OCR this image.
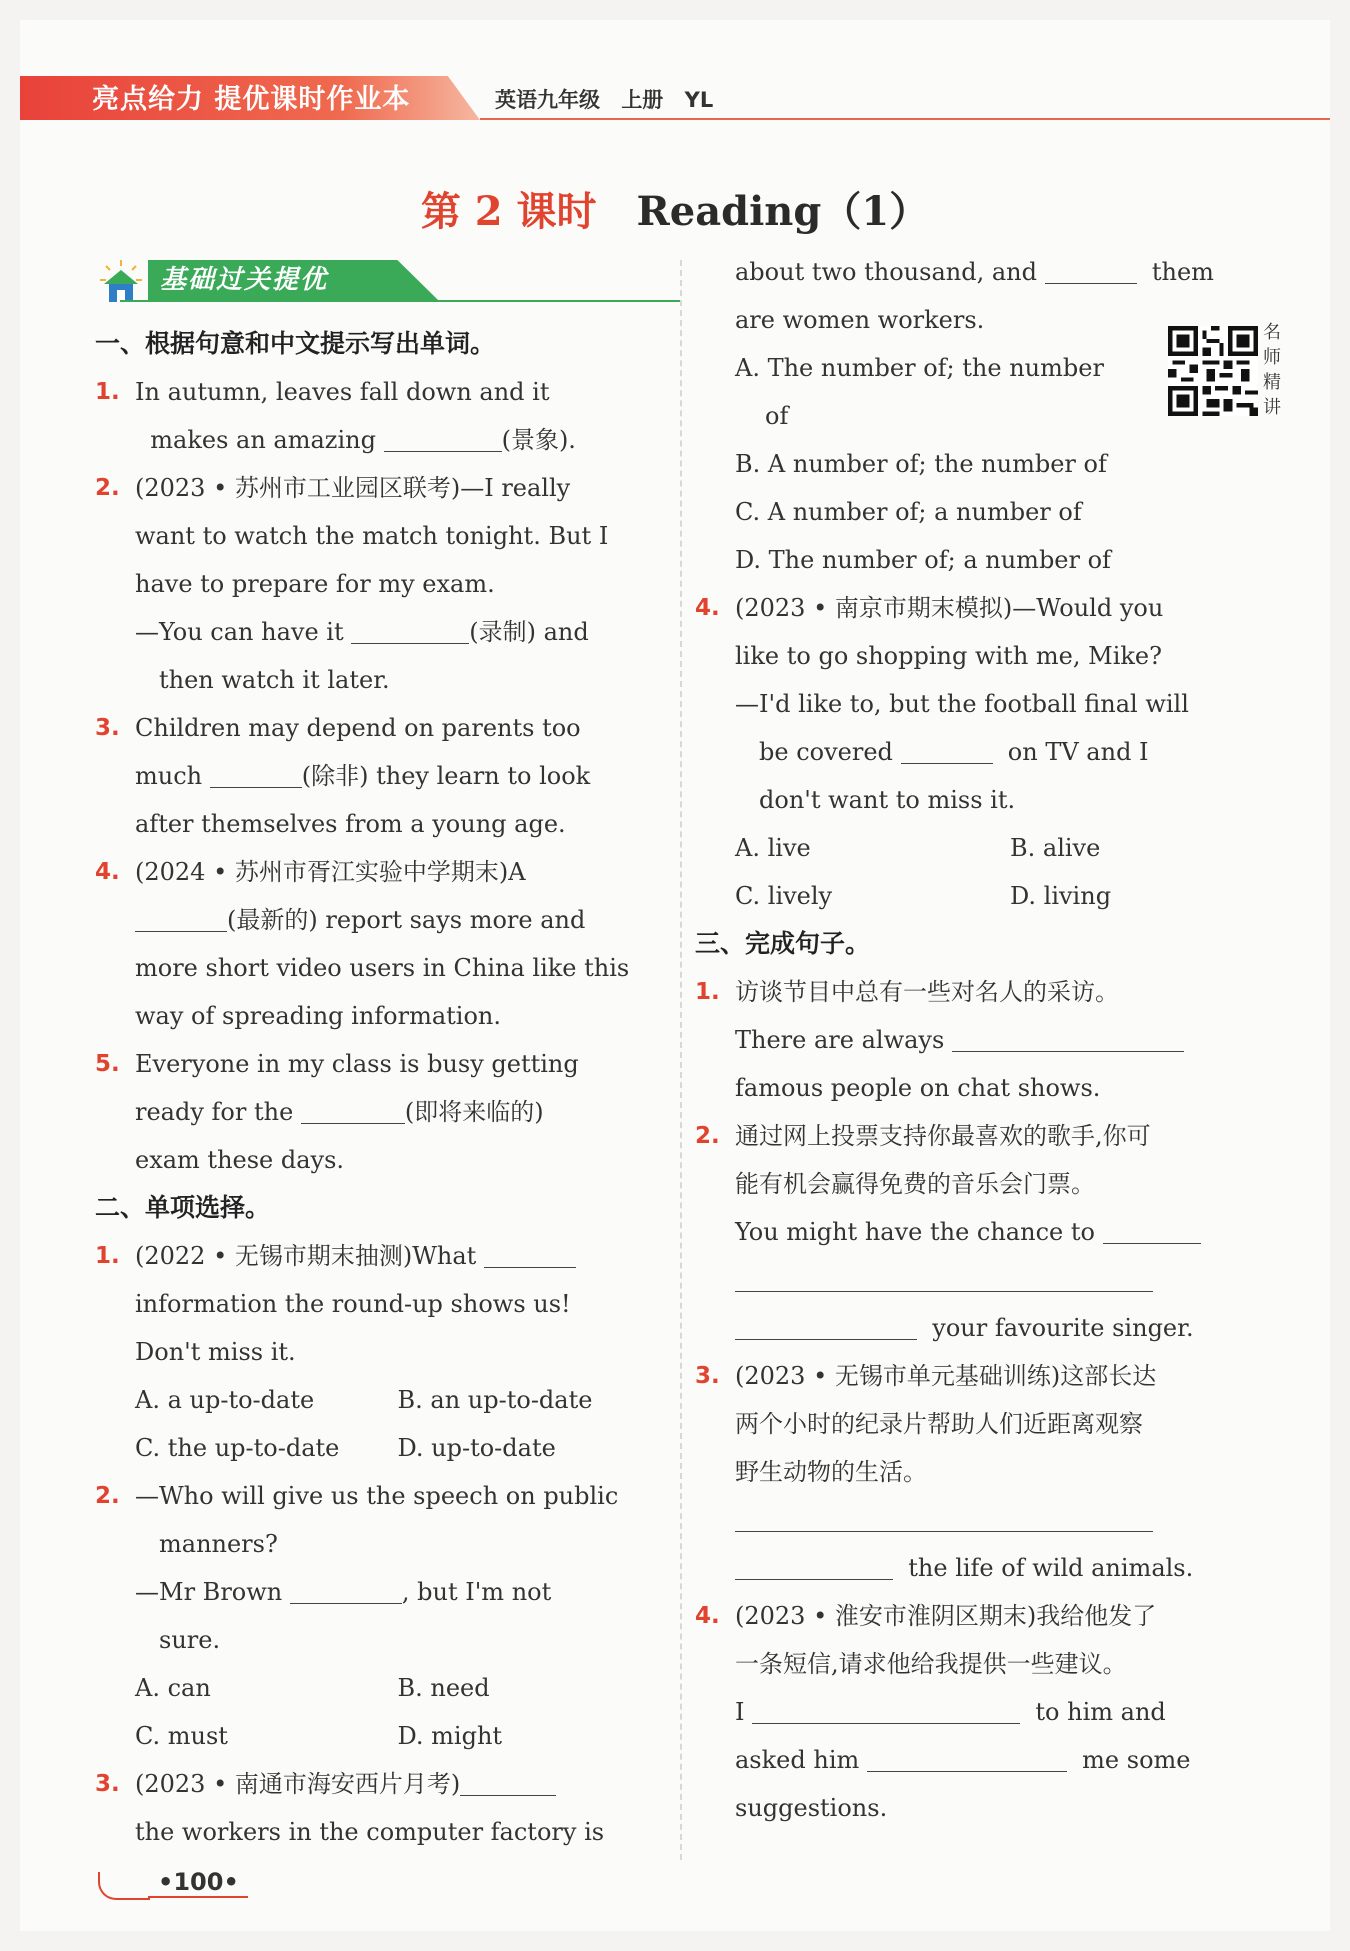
亮点给力 提优课时作业本	英语九年级 上册 YL
第 2 课时 Reading（1）
基础过关提优
一、根据句意和中文提示写出单词。
1. In autumn, leaves fall down and it
makes an amazing	(景象).
2. (2023 • 苏州市工业园区联考)—I really
want to watch the match tonight. But I
have to prepare for my exam.
—You can have it	(录制) and
then watch it later.
3. Children may depend on parents too
much	(除非) they learn to look
after themselves from a young age.
4. (2024 • 苏州市胥江实验中学期末)A
(最新的) report says more and
more short video users in China like this
way of spreading information.
5. Everyone in my class is busy getting
ready for the	(即将来临的)
exam these days.
二、单项选择。
1. (2022 • 无锡市期末抽测)What
information the round-up shows us!
Don't miss it.
A. a up-to-date	B. an up-to-date
C. the up-to-date	D. up-to-date
2. —Who will give us the speech on public
manners?
—Mr Brown	, but I'm not
sure.
A. can	B. need
C. must	D. might
3. (2023 • 南通市海安西片月考)
the workers in the computer factory is
about two thousand, and	them
are women workers.
A. The number of; the number
of
B. A number of; the number of
C. A number of; a number of
D. The number of; a number of
4. (2023 • 南京市期末模拟)—Would you
like to go shopping with me, Mike?
—I'd like to, but the football final will
be covered	on TV and I
don't want to miss it.
A. live	B. alive
C. lively	D. living
三、完成句子。
1. 访谈节目中总有一些对名人的采访。
There are always
famous people on chat shows.
2. 通过网上投票支持你最喜欢的歌手,你可
能有机会赢得免费的音乐会门票。
You might have the chance to
your favourite singer.
3. (2023 • 无锡市单元基础训练)这部长达
两个小时的纪录片帮助人们近距离观察
野生动物的生活。
the life of wild animals.
4. (2023 • 淮安市淮阴区期末)我给他发了
一条短信,请求他给我提供一些建议。
I	to him and
asked him	me some
suggestions.
名师精讲
•100•
